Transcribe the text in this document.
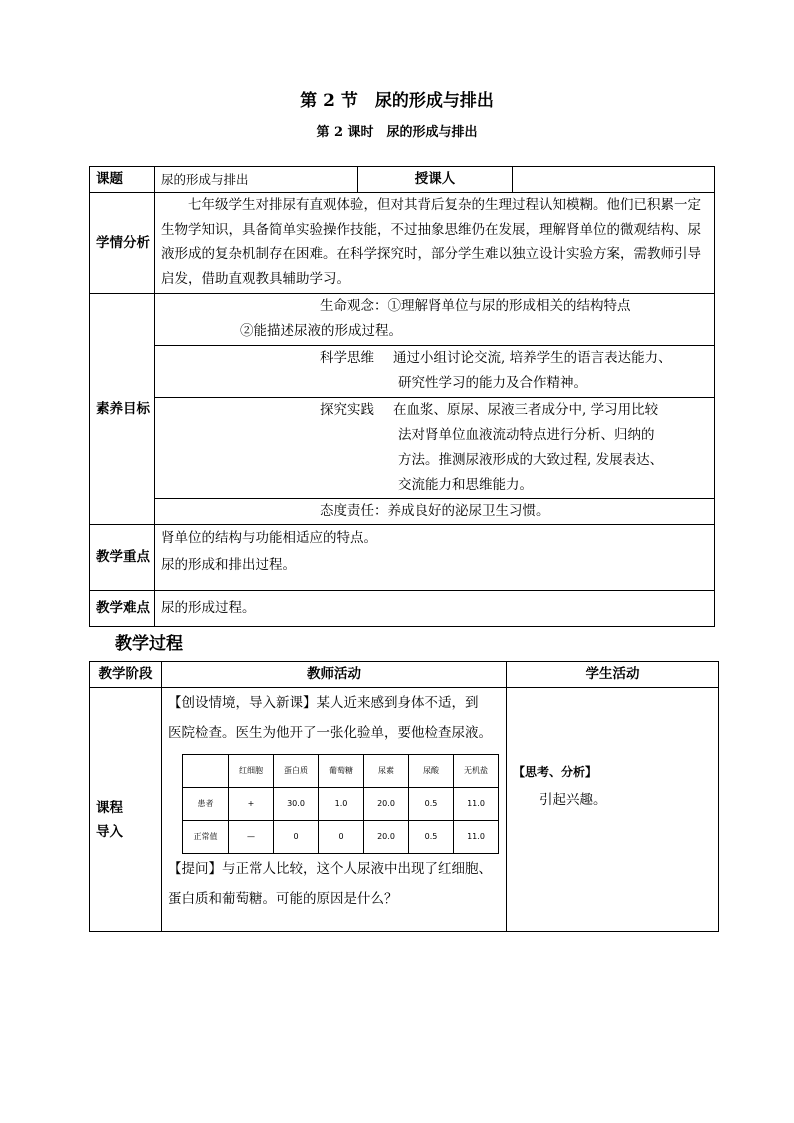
第 2 节　尿的形成与排出
第 2 课时　尿的形成与排出
课题	尿的形成与排出	授课人	
学情分析	七年级学生对排尿有直观体验，但对其背后复杂的生理过程认知模糊。他们已积累一定生物学知识，具备简单实验操作技能，不过抽象思维仍在发展，理解肾单位的微观结构、尿液形成的复杂机制存在困难。在科学探究时，部分学生难以独立设计实验方案，需教师引导启发，借助直观教具辅助学习。		
素养目标	生命观念：①理解肾单位与尿的形成相关的结构特点
②能描述尿液的形成过程。		

	科学思维 通过小组讨论交流, 培养学生的语言表达能力、
研究性学习的能力及合作精神。		

	探究实践 在血浆、原尿、尿液三者成分中, 学习用比较
法对肾单位血液流动特点进行分析、归纳的
方法。推测尿液形成的大致过程, 发展表达、
交流能力和思维能力。		

	态度责任：养成良好的泌尿卫生习惯。		
教学重点	肾单位的结构与功能相适应的特点。
尿的形成和排出过程。		

教学难点	尿的形成过程。		
教学过程
教学阶段	教师活动	学生活动

课程
导入

【创设情境，导入新课】某人近来感到身体不适，到
医院检查。医生为他开了一张化验单，要他检查尿液。
	红细胞	蛋白质	葡萄糖	尿素	尿酸	无机盐
患者	+	30.0	1.0	20.0	0.5	11.0
正常值	—	0	0	20.0	0.5	11.0
【提问】与正常人比较，这个人尿液中出现了红细胞、
蛋白质和葡萄糖。可能的原因是什么？

【思考、分析】
引起兴趣。
